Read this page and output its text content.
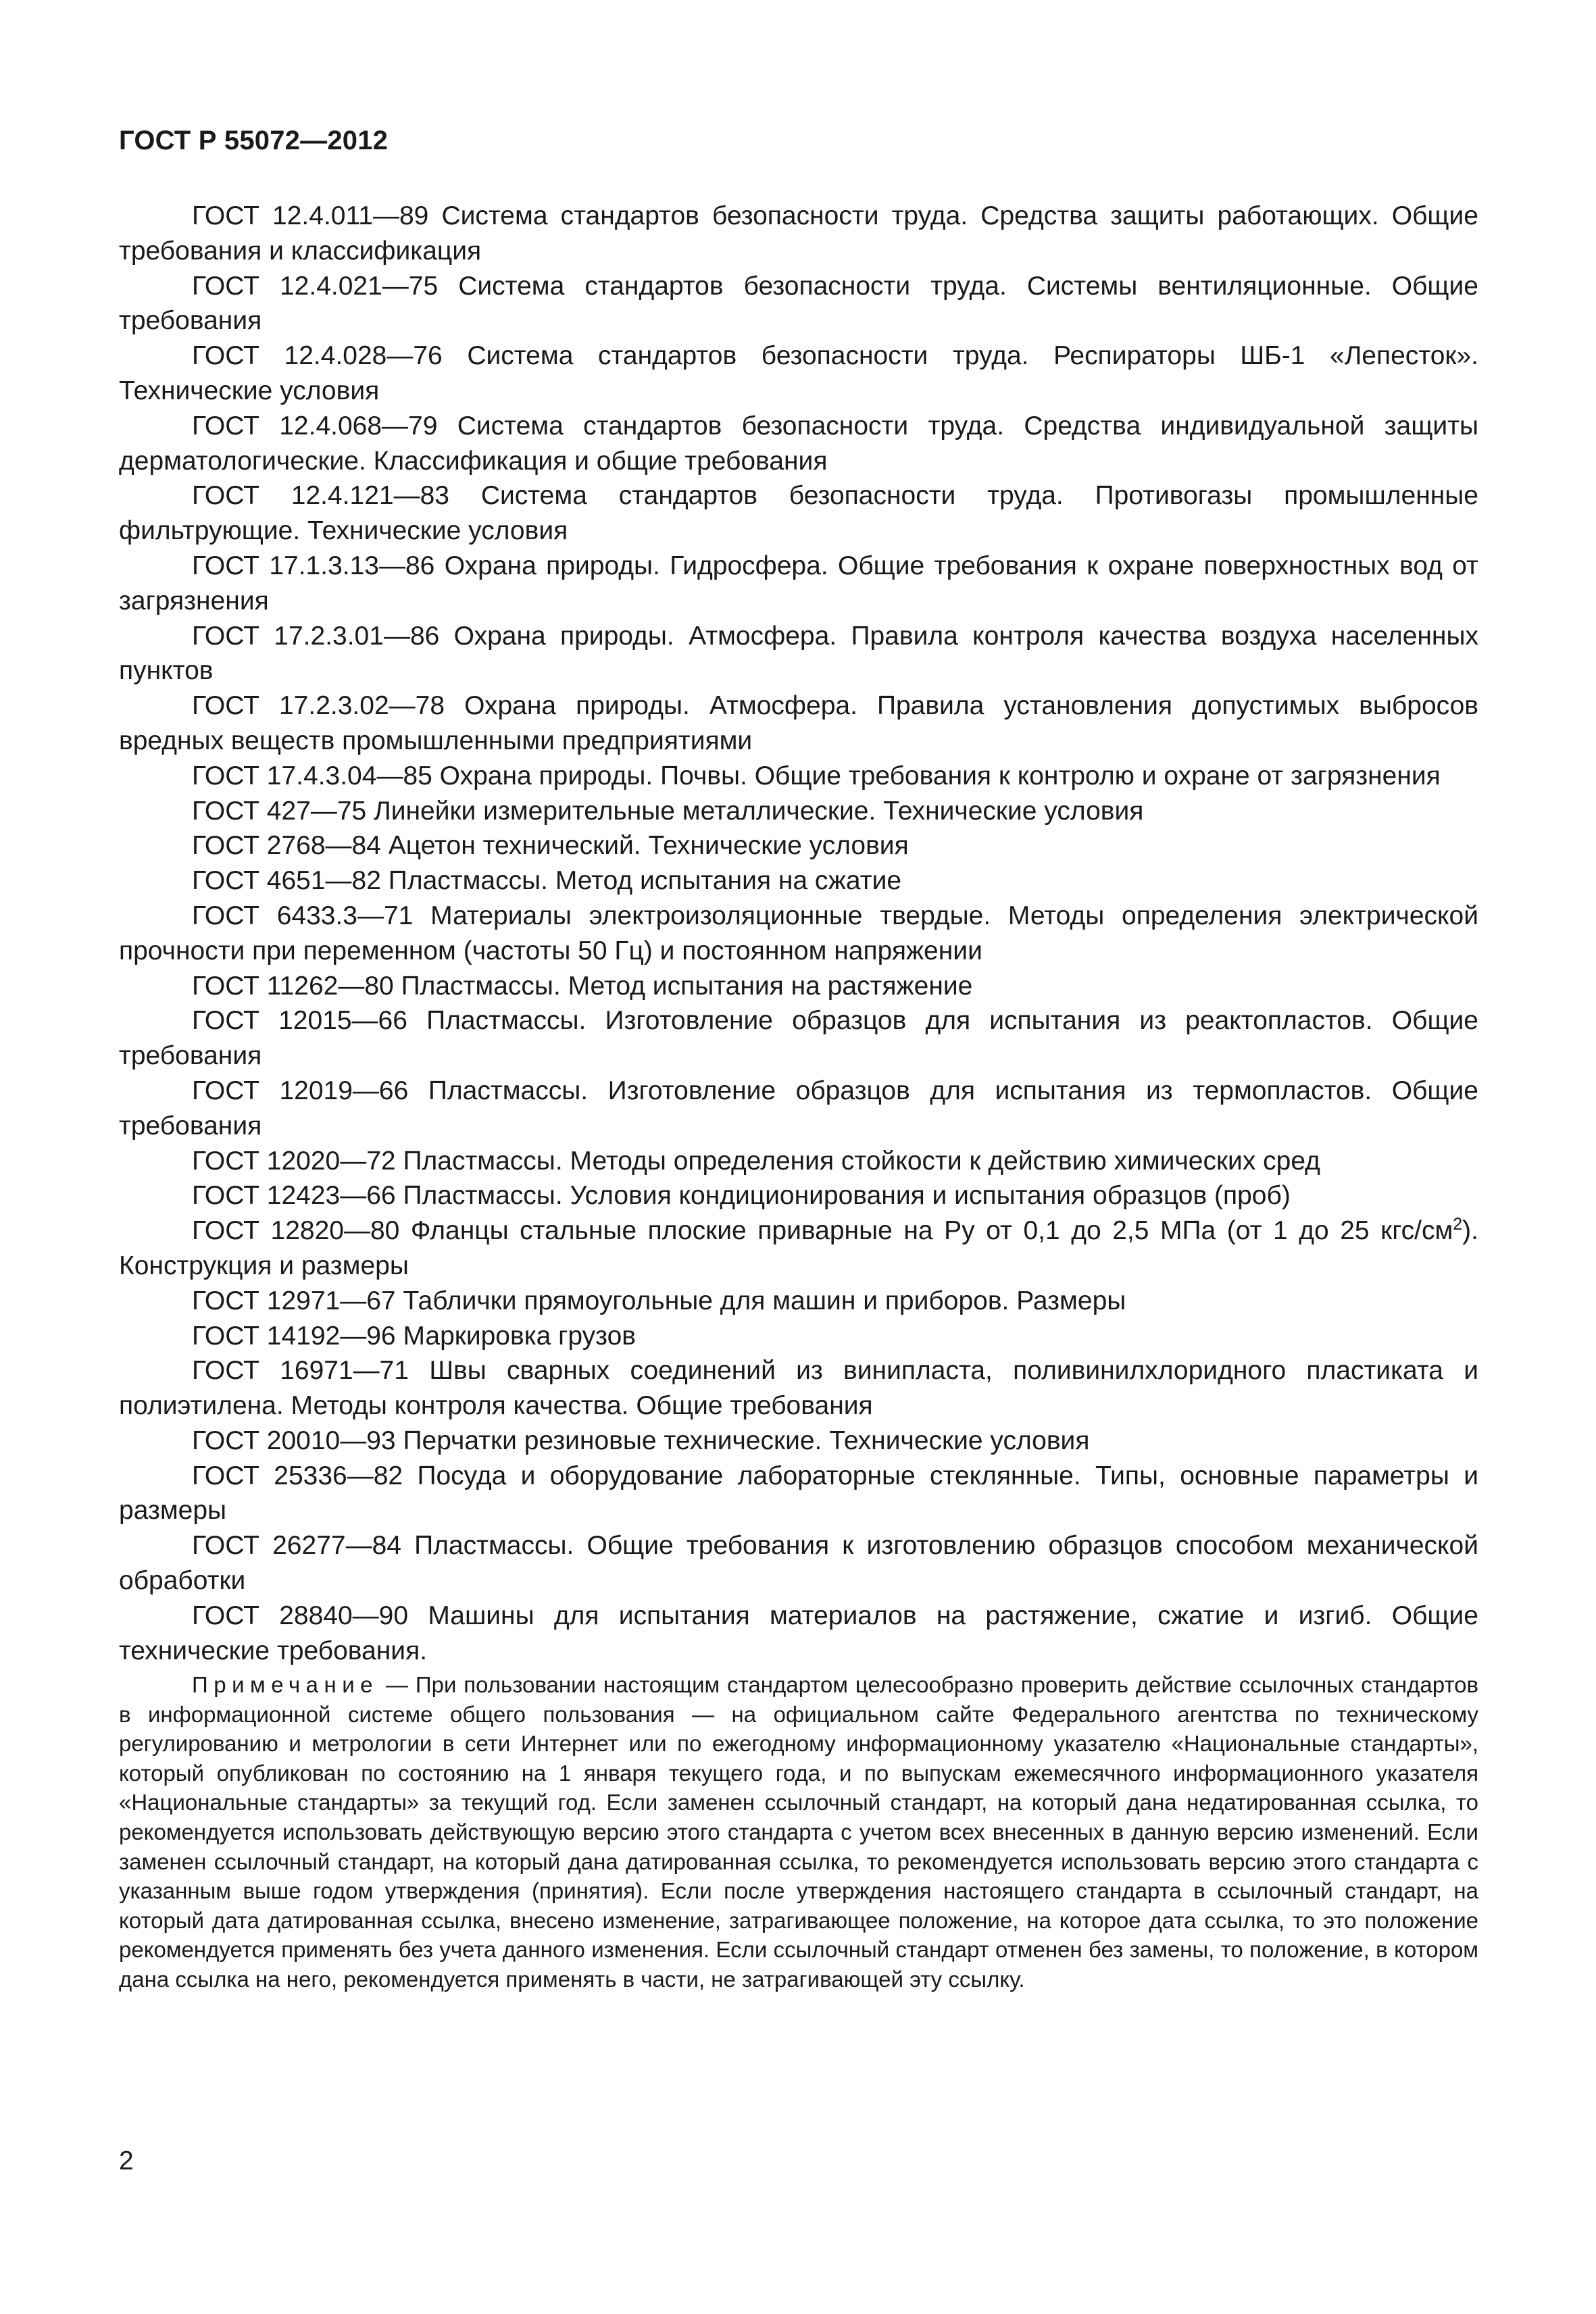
ГОСТ Р 55072—2012

ГОСТ 12.4.011—89 Система стандартов безопасности труда. Средства защиты работающих. Общие требования и классификация

ГОСТ 12.4.021—75 Система стандартов безопасности труда. Системы вентиляционные. Общие требования

ГОСТ 12.4.028—76 Система стандартов безопасности труда. Респираторы ШБ-1 «Лепесток». Технические условия

ГОСТ 12.4.068—79 Система стандартов безопасности труда. Средства индивидуальной защиты дерматологические. Классификация и общие требования

ГОСТ 12.4.121—83 Система стандартов безопасности труда. Противогазы промышленные фильтрующие. Технические условия

ГОСТ 17.1.3.13—86 Охрана природы. Гидросфера. Общие требования к охране поверхностных вод от загрязнения

ГОСТ 17.2.3.01—86 Охрана природы. Атмосфера. Правила контроля качества воздуха населенных пунктов

ГОСТ 17.2.3.02—78 Охрана природы. Атмосфера. Правила установления допустимых выбросов вредных веществ промышленными предприятиями

ГОСТ 17.4.3.04—85 Охрана природы. Почвы. Общие требования к контролю и охране от загрязнения

ГОСТ 427—75 Линейки измерительные металлические. Технические условия

ГОСТ 2768—84 Ацетон технический. Технические условия

ГОСТ 4651—82 Пластмассы. Метод испытания на сжатие

ГОСТ 6433.3—71 Материалы электроизоляционные твердые. Методы определения электрической прочности при переменном (частоты 50 Гц) и постоянном напряжении

ГОСТ 11262—80 Пластмассы. Метод испытания на растяжение

ГОСТ 12015—66 Пластмассы. Изготовление образцов для испытания из реактопластов. Общие требования

ГОСТ 12019—66 Пластмассы. Изготовление образцов для испытания из термопластов. Общие требования

ГОСТ 12020—72 Пластмассы. Методы определения стойкости к действию химических сред

ГОСТ 12423—66 Пластмассы. Условия кондиционирования и испытания образцов (проб)

ГОСТ 12820—80 Фланцы стальные плоские приварные на Ру от 0,1 до 2,5 МПа (от 1 до 25 кгс/$см^2$). Конструкция и размеры

ГОСТ 12971—67 Таблички прямоугольные для машин и приборов. Размеры

ГОСТ 14192—96 Маркировка грузов

ГОСТ 16971—71 Швы сварных соединений из винипласта, поливинилхлоридного пластиката и полиэтилена. Методы контроля качества. Общие требования

ГОСТ 20010—93 Перчатки резиновые технические. Технические условия

ГОСТ 25336—82 Посуда и оборудование лабораторные стеклянные. Типы, основные параметры и размеры

ГОСТ 26277—84 Пластмассы. Общие требования к изготовлению образцов способом механической обработки

ГОСТ 28840—90 Машины для испытания материалов на растяжение, сжатие и изгиб. Общие технические требования.

Примечание — При пользовании настоящим стандартом целесообразно проверить действие ссылочных стандартов в информационной системе общего пользования — на официальном сайте Федерального агентства по техническому регулированию и метрологии в сети Интернет или по ежегодному информационному указателю «Национальные стандарты», который опубликован по состоянию на 1 января текущего года, и по выпускам ежемесячного информационного указателя «Национальные стандарты» за текущий год. Если заменен ссылочный стандарт, на который дана недатированная ссылка, то рекомендуется использовать действующую версию этого стандарта с учетом всех внесенных в данную версию изменений. Если заменен ссылочный стандарт, на который дана датированная ссылка, то рекомендуется использовать версию этого стандарта с указанным выше годом утверждения (принятия). Если после утверждения настоящего стандарта в ссылочный стандарт, на который дата датированная ссылка, внесено изменение, затрагивающее положение, на которое дата ссылка, то это положение рекомендуется применять без учета данного изменения. Если ссылочный стандарт отменен без замены, то положение, в котором дана ссылка на него, рекомендуется применять в части, не затрагивающей эту ссылку.

2
